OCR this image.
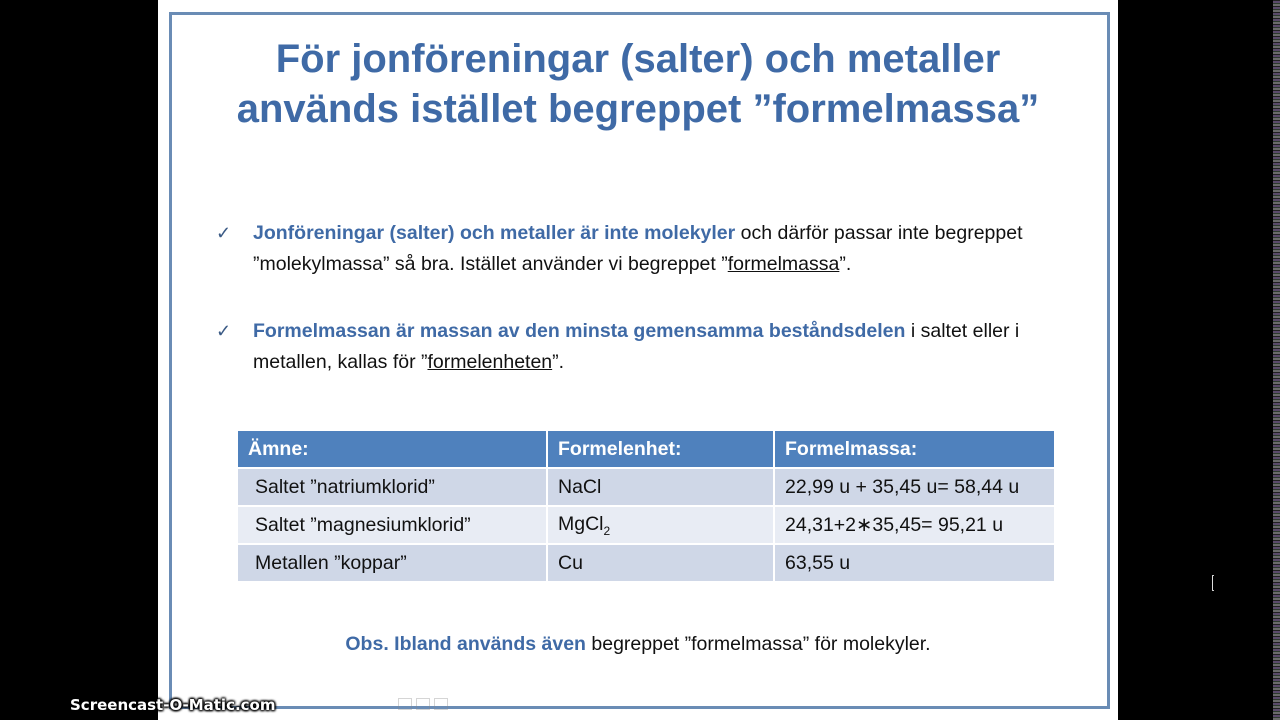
För jonföreningar (salter) och metaller
används istället begreppet ”formelmassa”
✓ Jonföreningar (salter) och metaller är inte molekyler och därför passar inte begreppet ”molekylmassa” så bra. Istället använder vi begreppet ”formelmassa”.
✓ Formelmassan är massan av den minsta gemensamma beståndsdelen i saltet eller i metallen, kallas för ”formelenheten”.
Ämne:	Formelenhet:	Formelmassa:
Saltet ”natriumklorid”	NaCl	22,99 u + 35,45 u= 58,44 u
Saltet ”magnesiumklorid”	MgCl$_2$	24,31+2∗35,45= 95,21 u
Metallen ”koppar”	Cu	63,55 u
Obs. Ibland används även begreppet ”formelmassa” för molekyler.
Screencast-O-Matic.com
